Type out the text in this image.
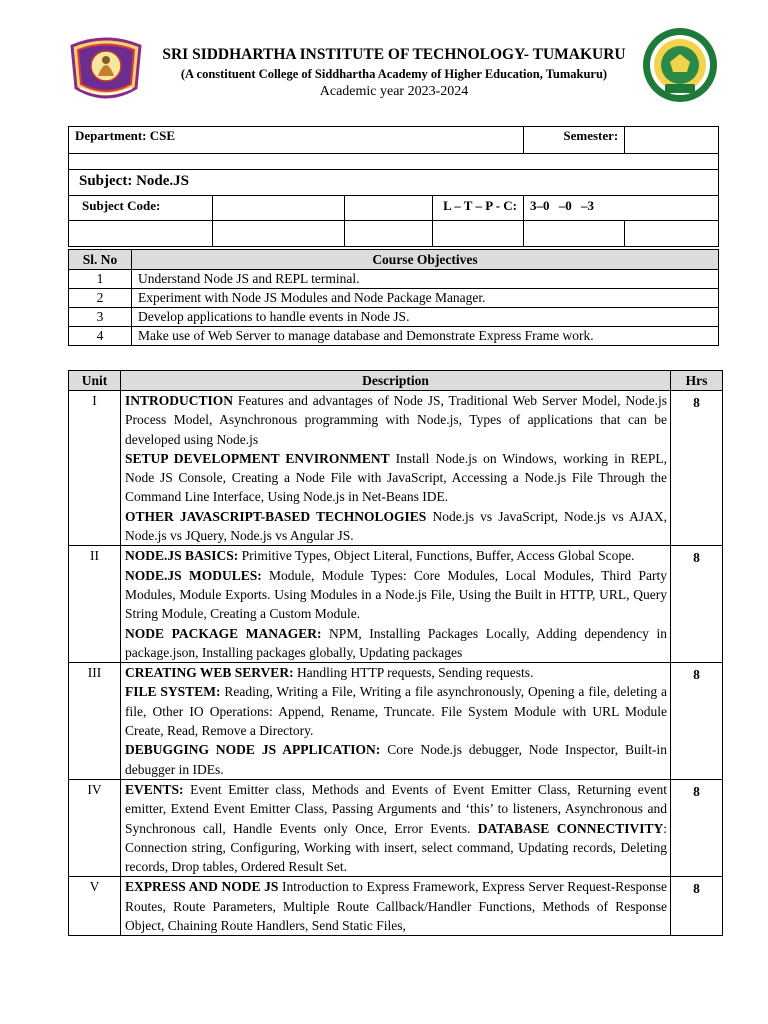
SRI SIDDHARTHA INSTITUTE OF TECHNOLOGY- TUMAKURU
(A constituent College of Siddhartha Academy of Higher Education, Tumakuru)
Academic year 2023-2024
Department: CSE				Semester:	

Subject: Node.JS					
Subject Code:			L – T – P - C:	3–0 –0 –3	

Sl. No	Course Objectives
1	Understand Node JS and REPL terminal.
2	Experiment with Node JS Modules and Node Package Manager.
3	Develop applications to handle events in Node JS.
4	Make use of Web Server to manage database and Demonstrate Express Frame work.
Unit	Description	Hrs
I	INTRODUCTION Features and advantages of Node JS, Traditional Web Server Model, Node.js Process Model, Asynchronous programming with Node.js, Types of applications that can be developed using Node.js

SETUP DEVELOPMENT ENVIRONMENT Install Node.js on Windows, working in REPL, Node JS Console, Creating a Node File with JavaScript, Accessing a Node.js File Through the Command Line Interface, Using Node.js in Net-Beans IDE.

OTHER JAVASCRIPT-BASED TECHNOLOGIES Node.js vs JavaScript, Node.js vs AJAX, Node.js vs JQuery, Node.js vs Angular JS.	8
II	NODE.JS BASICS: Primitive Types, Object Literal, Functions, Buffer, Access Global Scope.

NODE.JS MODULES: Module, Module Types: Core Modules, Local Modules, Third Party Modules, Module Exports. Using Modules in a Node.js File, Using the Built in HTTP, URL, Query String Module, Creating a Custom Module.

NODE PACKAGE MANAGER: NPM, Installing Packages Locally, Adding dependency in package.json, Installing packages globally, Updating packages	8
III	CREATING WEB SERVER: Handling HTTP requests, Sending requests.

FILE SYSTEM: Reading, Writing a File, Writing a file asynchronously, Opening a file, deleting a file, Other IO Operations: Append, Rename, Truncate. File System Module with URL Module Create, Read, Remove a Directory.

DEBUGGING NODE JS APPLICATION: Core Node.js debugger, Node Inspector, Built-in debugger in IDEs.	8
IV	EVENTS: Event Emitter class, Methods and Events of Event Emitter Class, Returning event emitter, Extend Event Emitter Class, Passing Arguments and ‘this’ to listeners, Asynchronous and Synchronous call, Handle Events only Once, Error Events. DATABASE CONNECTIVITY: Connection string, Configuring, Working with insert, select command, Updating records, Deleting records, Drop tables, Ordered Result Set.	8
V	EXPRESS AND NODE JS Introduction to Express Framework, Express Server Request-Response Routes, Route Parameters, Multiple Route Callback/Handler Functions, Methods of Response Object, Chaining Route Handlers, Send Static Files,	8
